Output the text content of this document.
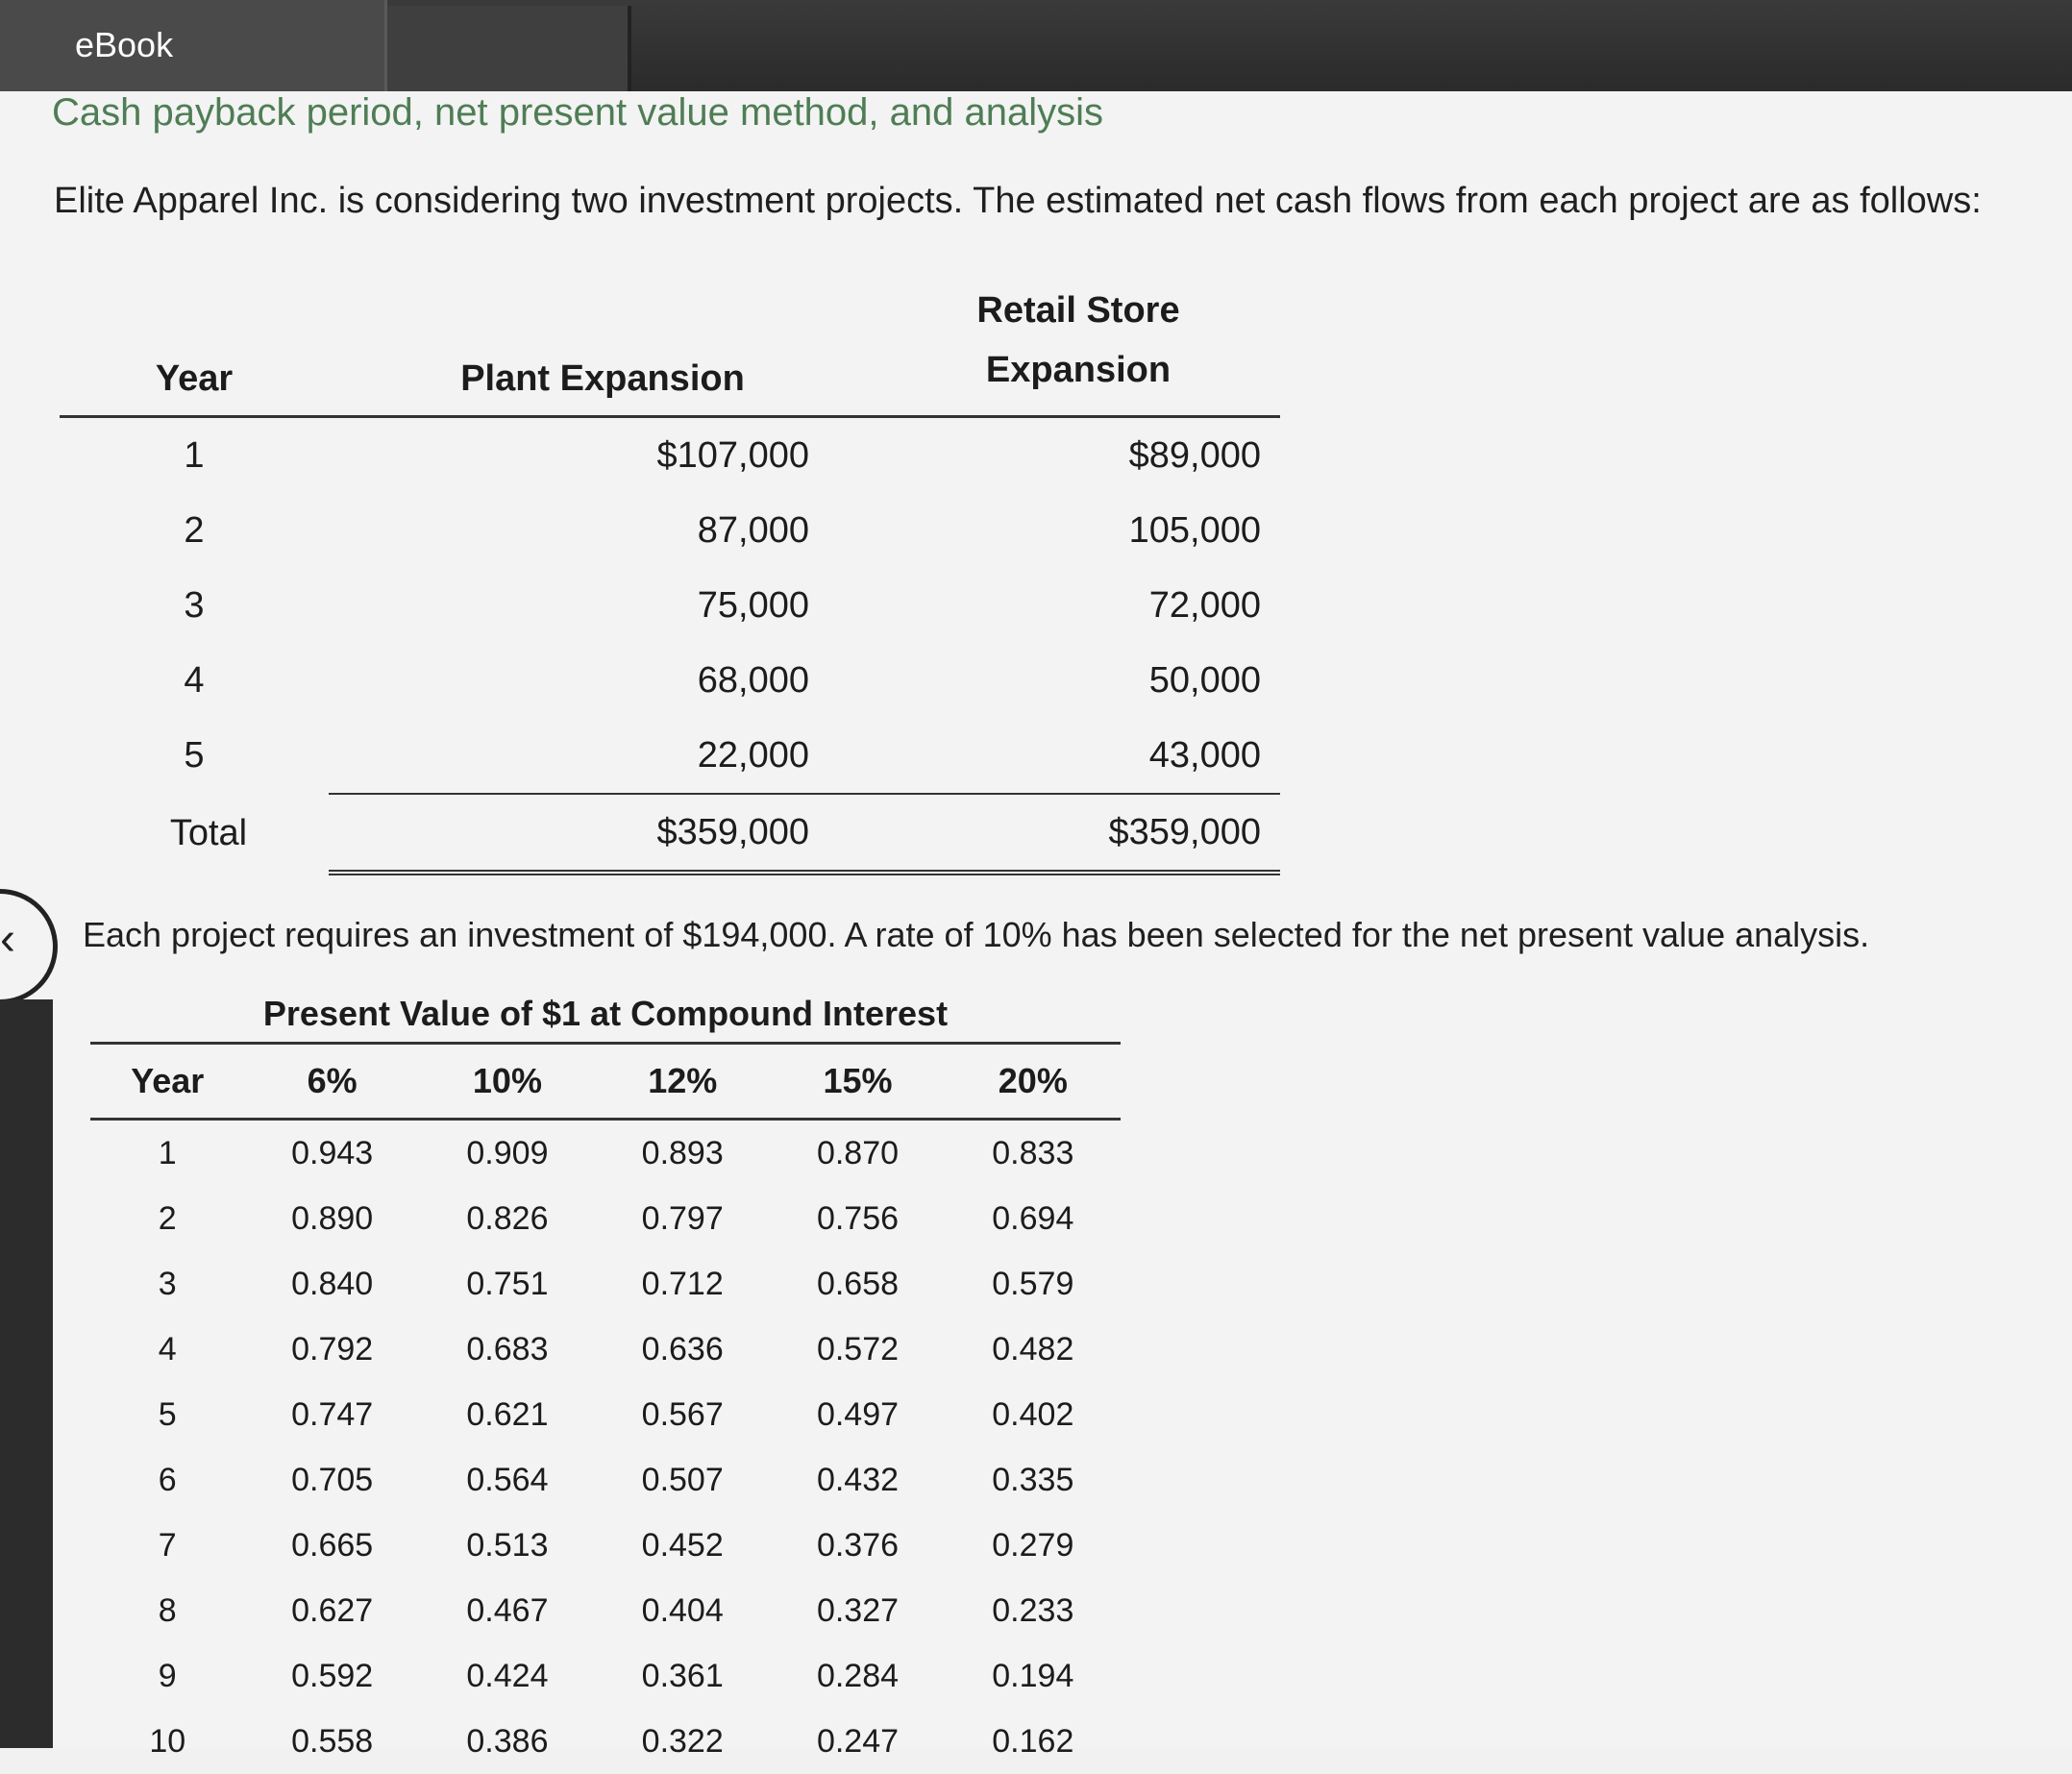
eBook
Cash payback period, net present value method, and analysis
Elite Apparel Inc. is considering two investment projects. The estimated net cash flows from each project are as follows:
Year	Plant Expansion	Retail Store
Expansion
1	$107,000	$89,000
2	87,000	105,000
3	75,000	72,000
4	68,000	50,000
5	22,000	43,000
Total	$359,000	$359,000
‹ Each project requires an investment of $194,000. A rate of 10% has been selected for the net present value analysis.
Present Value of $1 at Compound Interest
Year	6%	10%	12%	15%	20%
1	0.943	0.909	0.893	0.870	0.833
2	0.890	0.826	0.797	0.756	0.694
3	0.840	0.751	0.712	0.658	0.579
4	0.792	0.683	0.636	0.572	0.482
5	0.747	0.621	0.567	0.497	0.402
6	0.705	0.564	0.507	0.432	0.335
7	0.665	0.513	0.452	0.376	0.279
8	0.627	0.467	0.404	0.327	0.233
9	0.592	0.424	0.361	0.284	0.194
10	0.558	0.386	0.322	0.247	0.162
